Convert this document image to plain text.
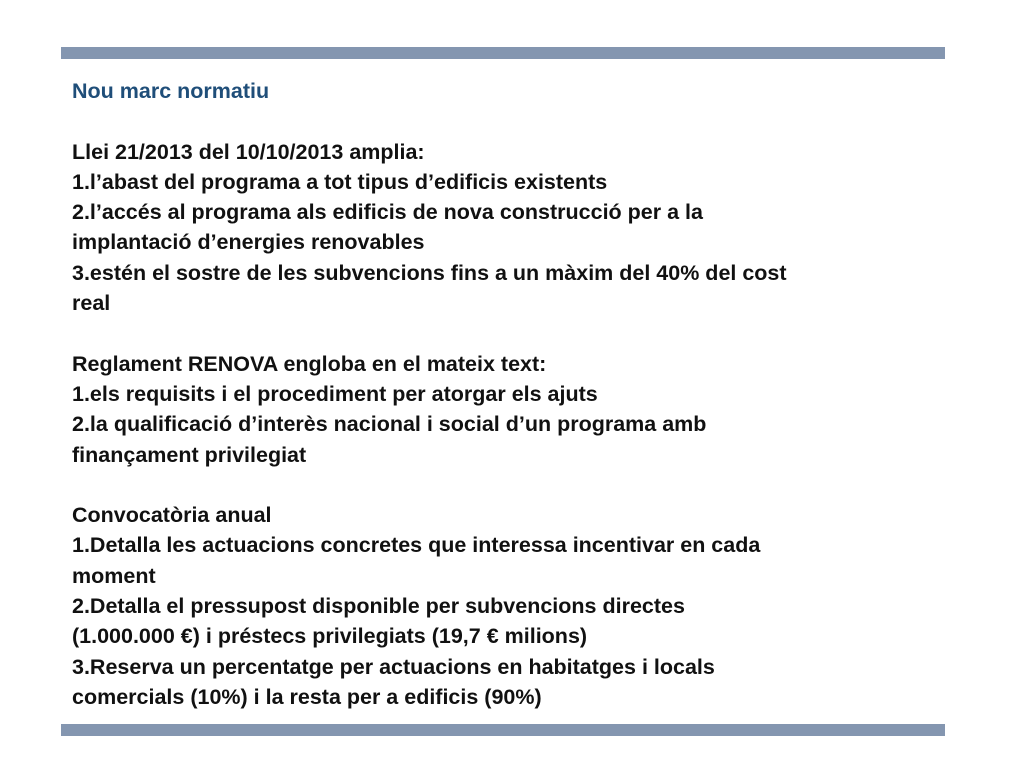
Nou marc normatiu

Llei 21/2013 del 10/10/2013 amplia:

1.l’abast del programa a tot tipus d’edificis existents

2.l’accés al programa als edificis de nova construcció per a la

implantació d’energies renovables

3.estén el sostre de les subvencions fins a un màxim del 40% del cost

real

Reglament RENOVA engloba en el mateix text:

1.els requisits i el procediment per atorgar els ajuts

2.la qualificació d’interès nacional i social d’un programa amb

finançament privilegiat

Convocatòria anual

1.Detalla les actuacions concretes que interessa incentivar en cada

moment

2.Detalla el pressupost disponible per subvencions directes

(1.000.000 €) i préstecs privilegiats (19,7 € milions)

3.Reserva un percentatge per actuacions en habitatges i locals

comercials (10%) i la resta per a edificis (90%)
